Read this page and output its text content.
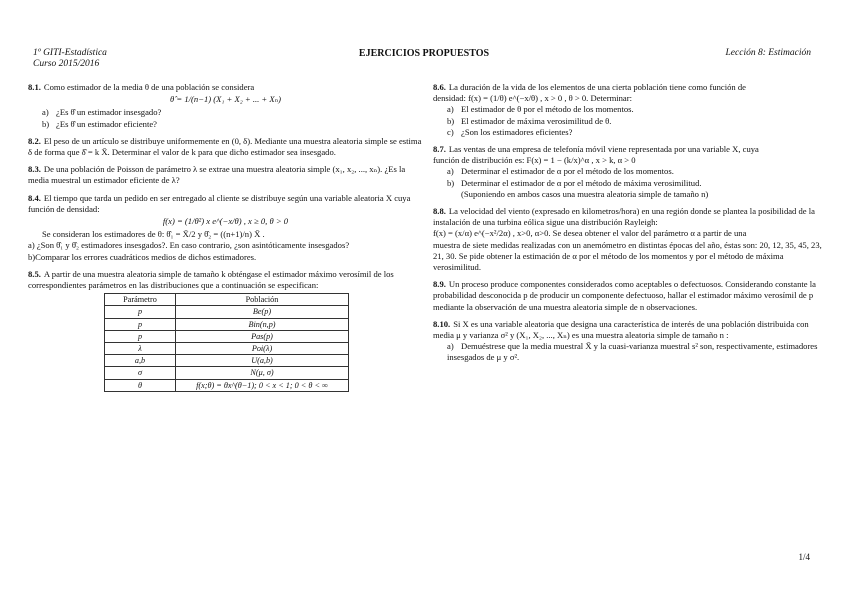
1º GITI-Estadística
Curso 2015/2016
EJERCICIOS PROPUESTOS	Lección 8: Estimación
8.1. Como estimador de la media θ de una población se considera
θ̂ = 1/(n−1) (X₁ + X₂ + ... + Xₙ)
a) ¿Es θ̂ un estimador insesgado?
b) ¿Es θ̂ un estimador eficiente?
8.2. El peso de un artículo se distribuye uniformemente en (0, δ). Mediante una muestra aleatoria simple se estima δ de forma que δ̂ = k X̄. Determinar el valor de k para que dicho estimador sea insesgado.
8.3. De una población de Poisson de parámetro λ se extrae una muestra aleatoria simple (x₁, x₂, ..., xₙ). ¿Es la media muestral un estimador eficiente de λ?
8.4. El tiempo que tarda un pedido en ser entregado al cliente se distribuye según una variable aleatoria X cuya función de densidad:
f(x) = (1/θ²) x e^(−x/θ) , x ≥ 0, θ > 0
Se consideran los estimadores de θ: θ̂₁ = X̄/2 y θ̂₂ = ((n+1)/n) X̄ .
a) ¿Son θ̂₁ y θ̂₂ estimadores insesgados?. En caso contrario, ¿son asintóticamente insesgados?
b)Comparar los errores cuadráticos medios de dichos estimadores.
8.5. A partir de una muestra aleatoria simple de tamaño k obténgase el estimador máximo verosímil de los correspondientes parámetros en las distribuciones que a continuación se especifican:
Parámetro	Población
p	Be(p)
p	Bin(n,p)
p	Pas(p)
λ	Poi(λ)
a,b	U(a,b)
σ	N(μ, σ)
θ	f(x;θ) = θx^(θ−1); 0 < x < 1; 0 < θ < ∞
8.6. La duración de la vida de los elementos de una cierta población tiene como función de
densidad: f(x) = (1/θ) e^(−x/θ) , x > 0 , θ > 0. Determinar:
a) El estimador de θ por el método de los momentos.
b) El estimador de máxima verosimilitud de θ.
c) ¿Son los estimadores eficientes?
8.7. Las ventas de una empresa de telefonía móvil viene representada por una variable X, cuya
función de distribución es: F(x) = 1 − (k/x)^α , x > k, α > 0
a) Determinar el estimador de α por el método de los momentos.
b) Determinar el estimador de α por el método de máxima verosimilitud.
(Suponiendo en ambos casos una muestra aleatoria simple de tamaño n)
8.8. La velocidad del viento (expresado en kilometros/hora) en una región donde se plantea la posibilidad de la instalación de una turbina eólica sigue una distribución Rayleigh:
f(x) = (x/α) e^(−x²/2α) , x>0, α>0. Se desea obtener el valor del parámetro α a partir de una
muestra de siete medidas realizadas con un anemómetro en distintas épocas del año, éstas son: 20, 12, 35, 45, 23, 21, 30. Se pide obtener la estimación de α por el método de los momentos y por el método de máxima verosimilitud.
8.9. Un proceso produce componentes considerados como aceptables o defectuosos. Considerando constante la probabilidad desconocida p de producir un componente defectuoso, hallar el estimador máximo verosímil de p mediante la observación de una muestra aleatoria simple de n observaciones.
8.10. Si X es una variable aleatoria que designa una característica de interés de una población distribuida con media μ y varianza σ² y (X₁, X₂, ..., Xₙ) es una muestra aleatoria simple de tamaño n :
a) Demuéstrese que la media muestral X̄ y la cuasi-varianza muestral s² son, respectivamente, estimadores insesgados de μ y σ².
1/4
